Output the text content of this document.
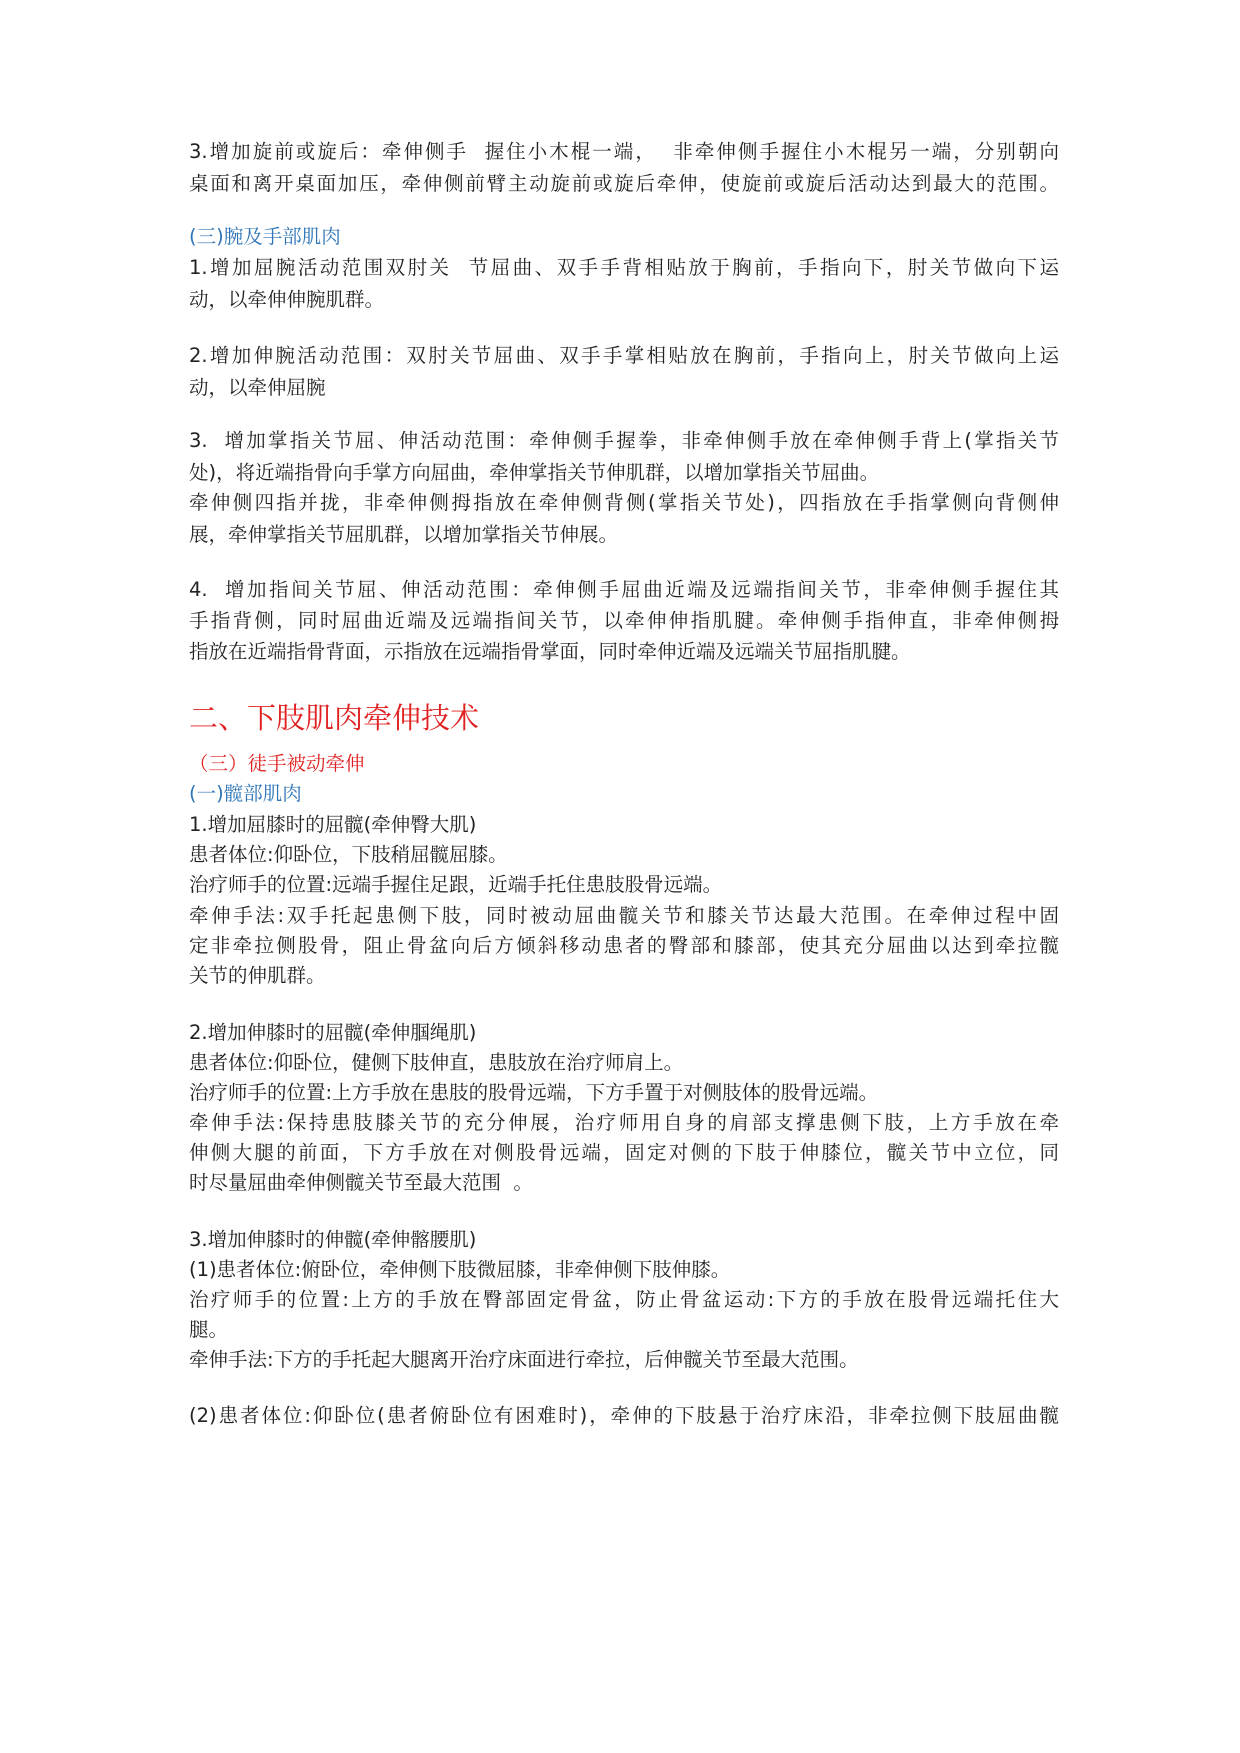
3.增加旋前或旋后：牵伸侧手  握住小木棍一端，  非牵伸侧手握住小木棍另一端，分别朝向
桌面和离开桌面加压，牵伸侧前臂主动旋前或旋后牵伸，使旋前或旋后活动达到最大的范围。
(三)腕及手部肌肉
1.增加屈腕活动范围双肘关  节屈曲、双手手背相贴放于胸前，手指向下，肘关节做向下运
动，以牵伸伸腕肌群。
2.增加伸腕活动范围：双肘关节屈曲、双手手掌相贴放在胸前，手指向上，肘关节做向上运
动，以牵伸屈腕
3.  增加掌指关节屈、伸活动范围：牵伸侧手握拳，非牵伸侧手放在牵伸侧手背上(掌指关节
处)，将近端指骨向手掌方向屈曲，牵伸掌指关节伸肌群，以增加掌指关节屈曲。
牵伸侧四指并拢，非牵伸侧拇指放在牵伸侧背侧(掌指关节处)，四指放在手指掌侧向背侧伸
展，牵伸掌指关节屈肌群，以增加掌指关节伸展。
4.  增加指间关节屈、伸活动范围：牵伸侧手屈曲近端及远端指间关节，非牵伸侧手握住其
手指背侧，同时屈曲近端及远端指间关节，以牵伸伸指肌腱。牵伸侧手指伸直，非牵伸侧拇
指放在近端指骨背面，示指放在远端指骨掌面，同时牵伸近端及远端关节屈指肌腱。
二、下肢肌肉牵伸技术
（三）徒手被动牵伸
(一)髋部肌肉
1.增加屈膝时的屈髋(牵伸臀大肌)
患者体位:仰卧位，下肢稍屈髋屈膝。
治疗师手的位置:远端手握住足跟，近端手托住患肢股骨远端。
牵伸手法:双手托起患侧下肢，同时被动屈曲髋关节和膝关节达最大范围。在牵伸过程中固
定非牵拉侧股骨，阻止骨盆向后方倾斜移动患者的臀部和膝部，使其充分屈曲以达到牵拉髋
关节的伸肌群。
2.增加伸膝时的屈髋(牵伸腘绳肌)
患者体位:仰卧位，健侧下肢伸直，患肢放在治疗师肩上。
治疗师手的位置:上方手放在患肢的股骨远端，下方手置于对侧肢体的股骨远端。
牵伸手法:保持患肢膝关节的充分伸展，治疗师用自身的肩部支撑患侧下肢，上方手放在牵
伸侧大腿的前面，下方手放在对侧股骨远端，固定对侧的下肢于伸膝位，髋关节中立位，同
时尽量屈曲牵伸侧髋关节至最大范围  。
3.增加伸膝时的伸髋(牵伸髂腰肌)
(1)患者体位:俯卧位，牵伸侧下肢微屈膝，非牵伸侧下肢伸膝。
治疗师手的位置:上方的手放在臀部固定骨盆，防止骨盆运动:下方的手放在股骨远端托住大
腿。
牵伸手法:下方的手托起大腿离开治疗床面进行牵拉，后伸髋关节至最大范围。
(2)患者体位:仰卧位(患者俯卧位有困难时)，牵伸的下肢悬于治疗床沿，非牵拉侧下肢屈曲髋
